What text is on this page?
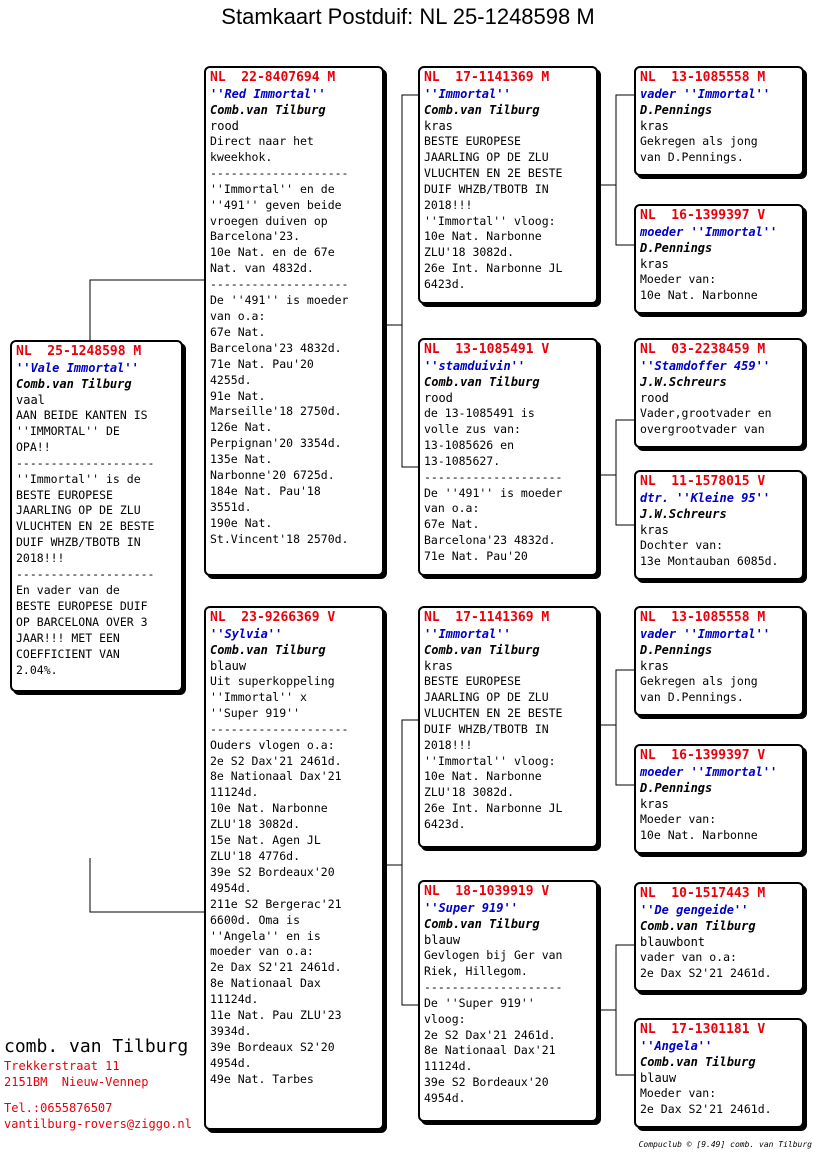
Stamkaart Postduif: NL 25-1248598 M
NL  25-1248598 M
''Vale Immortal''
Comb.van Tilburg
vaal
AAN BEIDE KANTEN IS
''IMMORTAL'' DE
OPA!!
--------------------
''Immortal'' is de
BESTE EUROPESE
JAARLING OP DE ZLU
VLUCHTEN EN 2E BESTE
DUIF WHZB/TBOTB IN
2018!!!
--------------------
En vader van de
BESTE EUROPESE DUIF
OP BARCELONA OVER 3
JAAR!!! MET EEN
COEFFICIENT VAN
2.04%.
NL  22-8407694 M
''Red Immortal''
Comb.van Tilburg
rood
Direct naar het
kweekhok.
--------------------
''Immortal'' en de
''491'' geven beide
vroegen duiven op
Barcelona'23.
10e Nat. en de 67e
Nat. van 4832d.
--------------------
De ''491'' is moeder
van o.a:
67e Nat.
Barcelona'23 4832d.
71e Nat. Pau'20
4255d.
91e Nat.
Marseille'18 2750d.
126e Nat.
Perpignan'20 3354d.
135e Nat.
Narbonne'20 6725d.
184e Nat. Pau'18
3551d.
190e Nat.
St.Vincent'18 2570d.
NL  23-9266369 V
''Sylvia''
Comb.van Tilburg
blauw
Uit superkoppeling
''Immortal'' x
''Super 919''
--------------------
Ouders vlogen o.a:
2e S2 Dax'21 2461d.
8e Nationaal Dax'21
11124d.
10e Nat. Narbonne
ZLU'18 3082d.
15e Nat. Agen JL
ZLU'18 4776d.
39e S2 Bordeaux'20
4954d.
211e S2 Bergerac'21
6600d. Oma is
''Angela'' en is
moeder van o.a:
2e Dax S2'21 2461d.
8e Nationaal Dax
11124d.
11e Nat. Pau ZLU'23
3934d.
39e Bordeaux S2'20
4954d.
49e Nat. Tarbes
NL  17-1141369 M
''Immortal''
Comb.van Tilburg
kras
BESTE EUROPESE
JAARLING OP DE ZLU
VLUCHTEN EN 2E BESTE
DUIF WHZB/TBOTB IN
2018!!!
''Immortal'' vloog:
10e Nat. Narbonne
ZLU'18 3082d.
26e Int. Narbonne JL
6423d.
NL  13-1085491 V
''stamduivin''
Comb.van Tilburg
rood
de 13-1085491 is
volle zus van:
13-1085626 en
13-1085627.
--------------------
De ''491'' is moeder
van o.a:
67e Nat.
Barcelona'23 4832d.
71e Nat. Pau'20
NL  17-1141369 M
''Immortal''
Comb.van Tilburg
kras
BESTE EUROPESE
JAARLING OP DE ZLU
VLUCHTEN EN 2E BESTE
DUIF WHZB/TBOTB IN
2018!!!
''Immortal'' vloog:
10e Nat. Narbonne
ZLU'18 3082d.
26e Int. Narbonne JL
6423d.
NL  18-1039919 V
''Super 919''
Comb.van Tilburg
blauw
Gevlogen bij Ger van
Riek, Hillegom.
--------------------
De ''Super 919''
vloog:
2e S2 Dax'21 2461d.
8e Nationaal Dax'21
11124d.
39e S2 Bordeaux'20
4954d.
NL  13-1085558 M
vader ''Immortal''
D.Pennings
kras
Gekregen als jong
van D.Pennings.
NL  16-1399397 V
moeder ''Immortal''
D.Pennings
kras
Moeder van:
10e Nat. Narbonne
NL  03-2238459 M
''Stamdoffer 459''
J.W.Schreurs
rood
Vader,grootvader en
overgrootvader van
NL  11-1578015 V
dtr. ''Kleine 95''
J.W.Schreurs
kras
Dochter van:
13e Montauban 6085d.
NL  13-1085558 M
vader ''Immortal''
D.Pennings
kras
Gekregen als jong
van D.Pennings.
NL  16-1399397 V
moeder ''Immortal''
D.Pennings
kras
Moeder van:
10e Nat. Narbonne
NL  10-1517443 M
''De gengeide''
Comb.van Tilburg
blauwbont
vader van o.a:
2e Dax S2'21 2461d.
NL  17-1301181 V
''Angela''
Comb.van Tilburg
blauw
Moeder van:
2e Dax S2'21 2461d.
comb. van Tilburg
Trekkerstraat 11
2151BM  Nieuw-Vennep
Tel.:0655876507
vantilburg-rovers@ziggo.nl
Compuclub © [9.49] comb. van Tilburg
